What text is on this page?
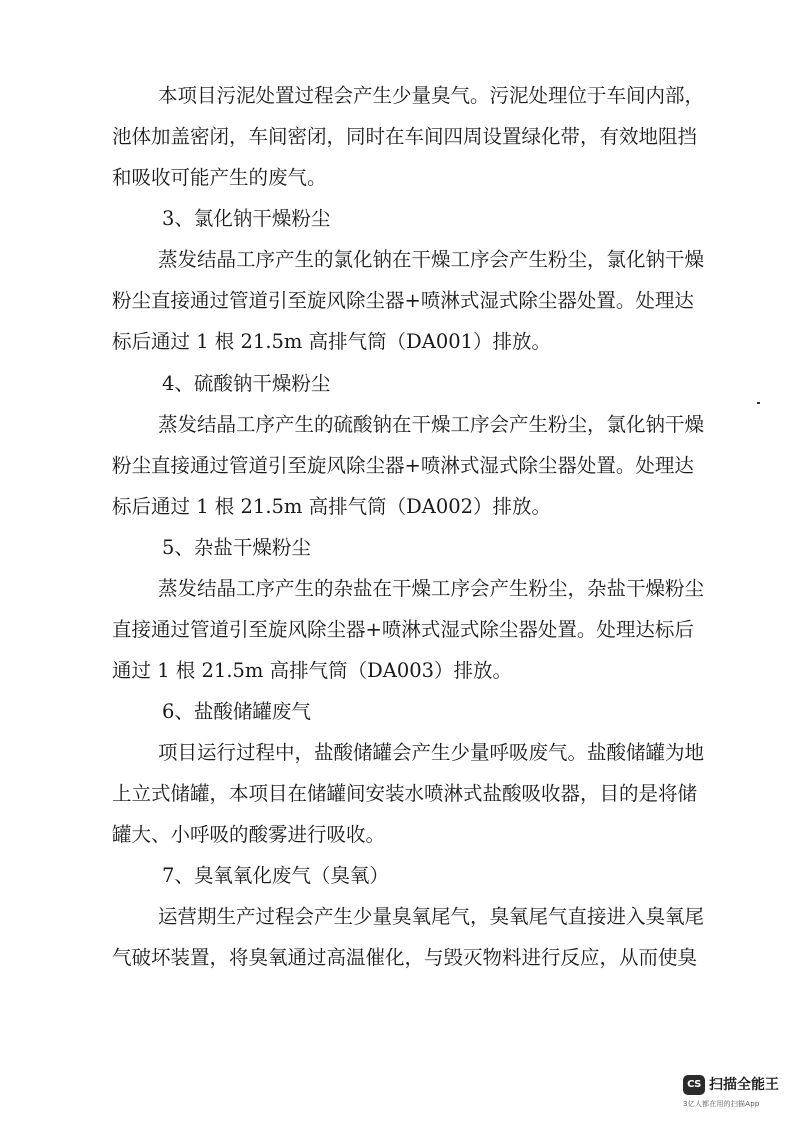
本项目污泥处置过程会产生少量臭气。污泥处理位于车间内部，
池体加盖密闭，车间密闭，同时在车间四周设置绿化带，有效地阻挡
和吸收可能产生的废气。
3、氯化钠干燥粉尘
蒸发结晶工序产生的氯化钠在干燥工序会产生粉尘，氯化钠干燥
粉尘直接通过管道引至旋风除尘器+喷淋式湿式除尘器处置。处理达
标后通过 1 根 21.5m 高排气筒（DA001）排放。
4、硫酸钠干燥粉尘
蒸发结晶工序产生的硫酸钠在干燥工序会产生粉尘，氯化钠干燥
粉尘直接通过管道引至旋风除尘器+喷淋式湿式除尘器处置。处理达
标后通过 1 根 21.5m 高排气筒（DA002）排放。
5、杂盐干燥粉尘
蒸发结晶工序产生的杂盐在干燥工序会产生粉尘，杂盐干燥粉尘
直接通过管道引至旋风除尘器+喷淋式湿式除尘器处置。处理达标后
通过 1 根 21.5m 高排气筒（DA003）排放。
6、盐酸储罐废气
项目运行过程中，盐酸储罐会产生少量呼吸废气。盐酸储罐为地
上立式储罐，本项目在储罐间安装水喷淋式盐酸吸收器，目的是将储
罐大、小呼吸的酸雾进行吸收。
7、臭氧氧化废气（臭氧）
运营期生产过程会产生少量臭氧尾气，臭氧尾气直接进入臭氧尾
气破坏装置，将臭氧通过高温催化，与毁灭物料进行反应，从而使臭
CS 扫描全能王
3亿人都在用的扫描App
